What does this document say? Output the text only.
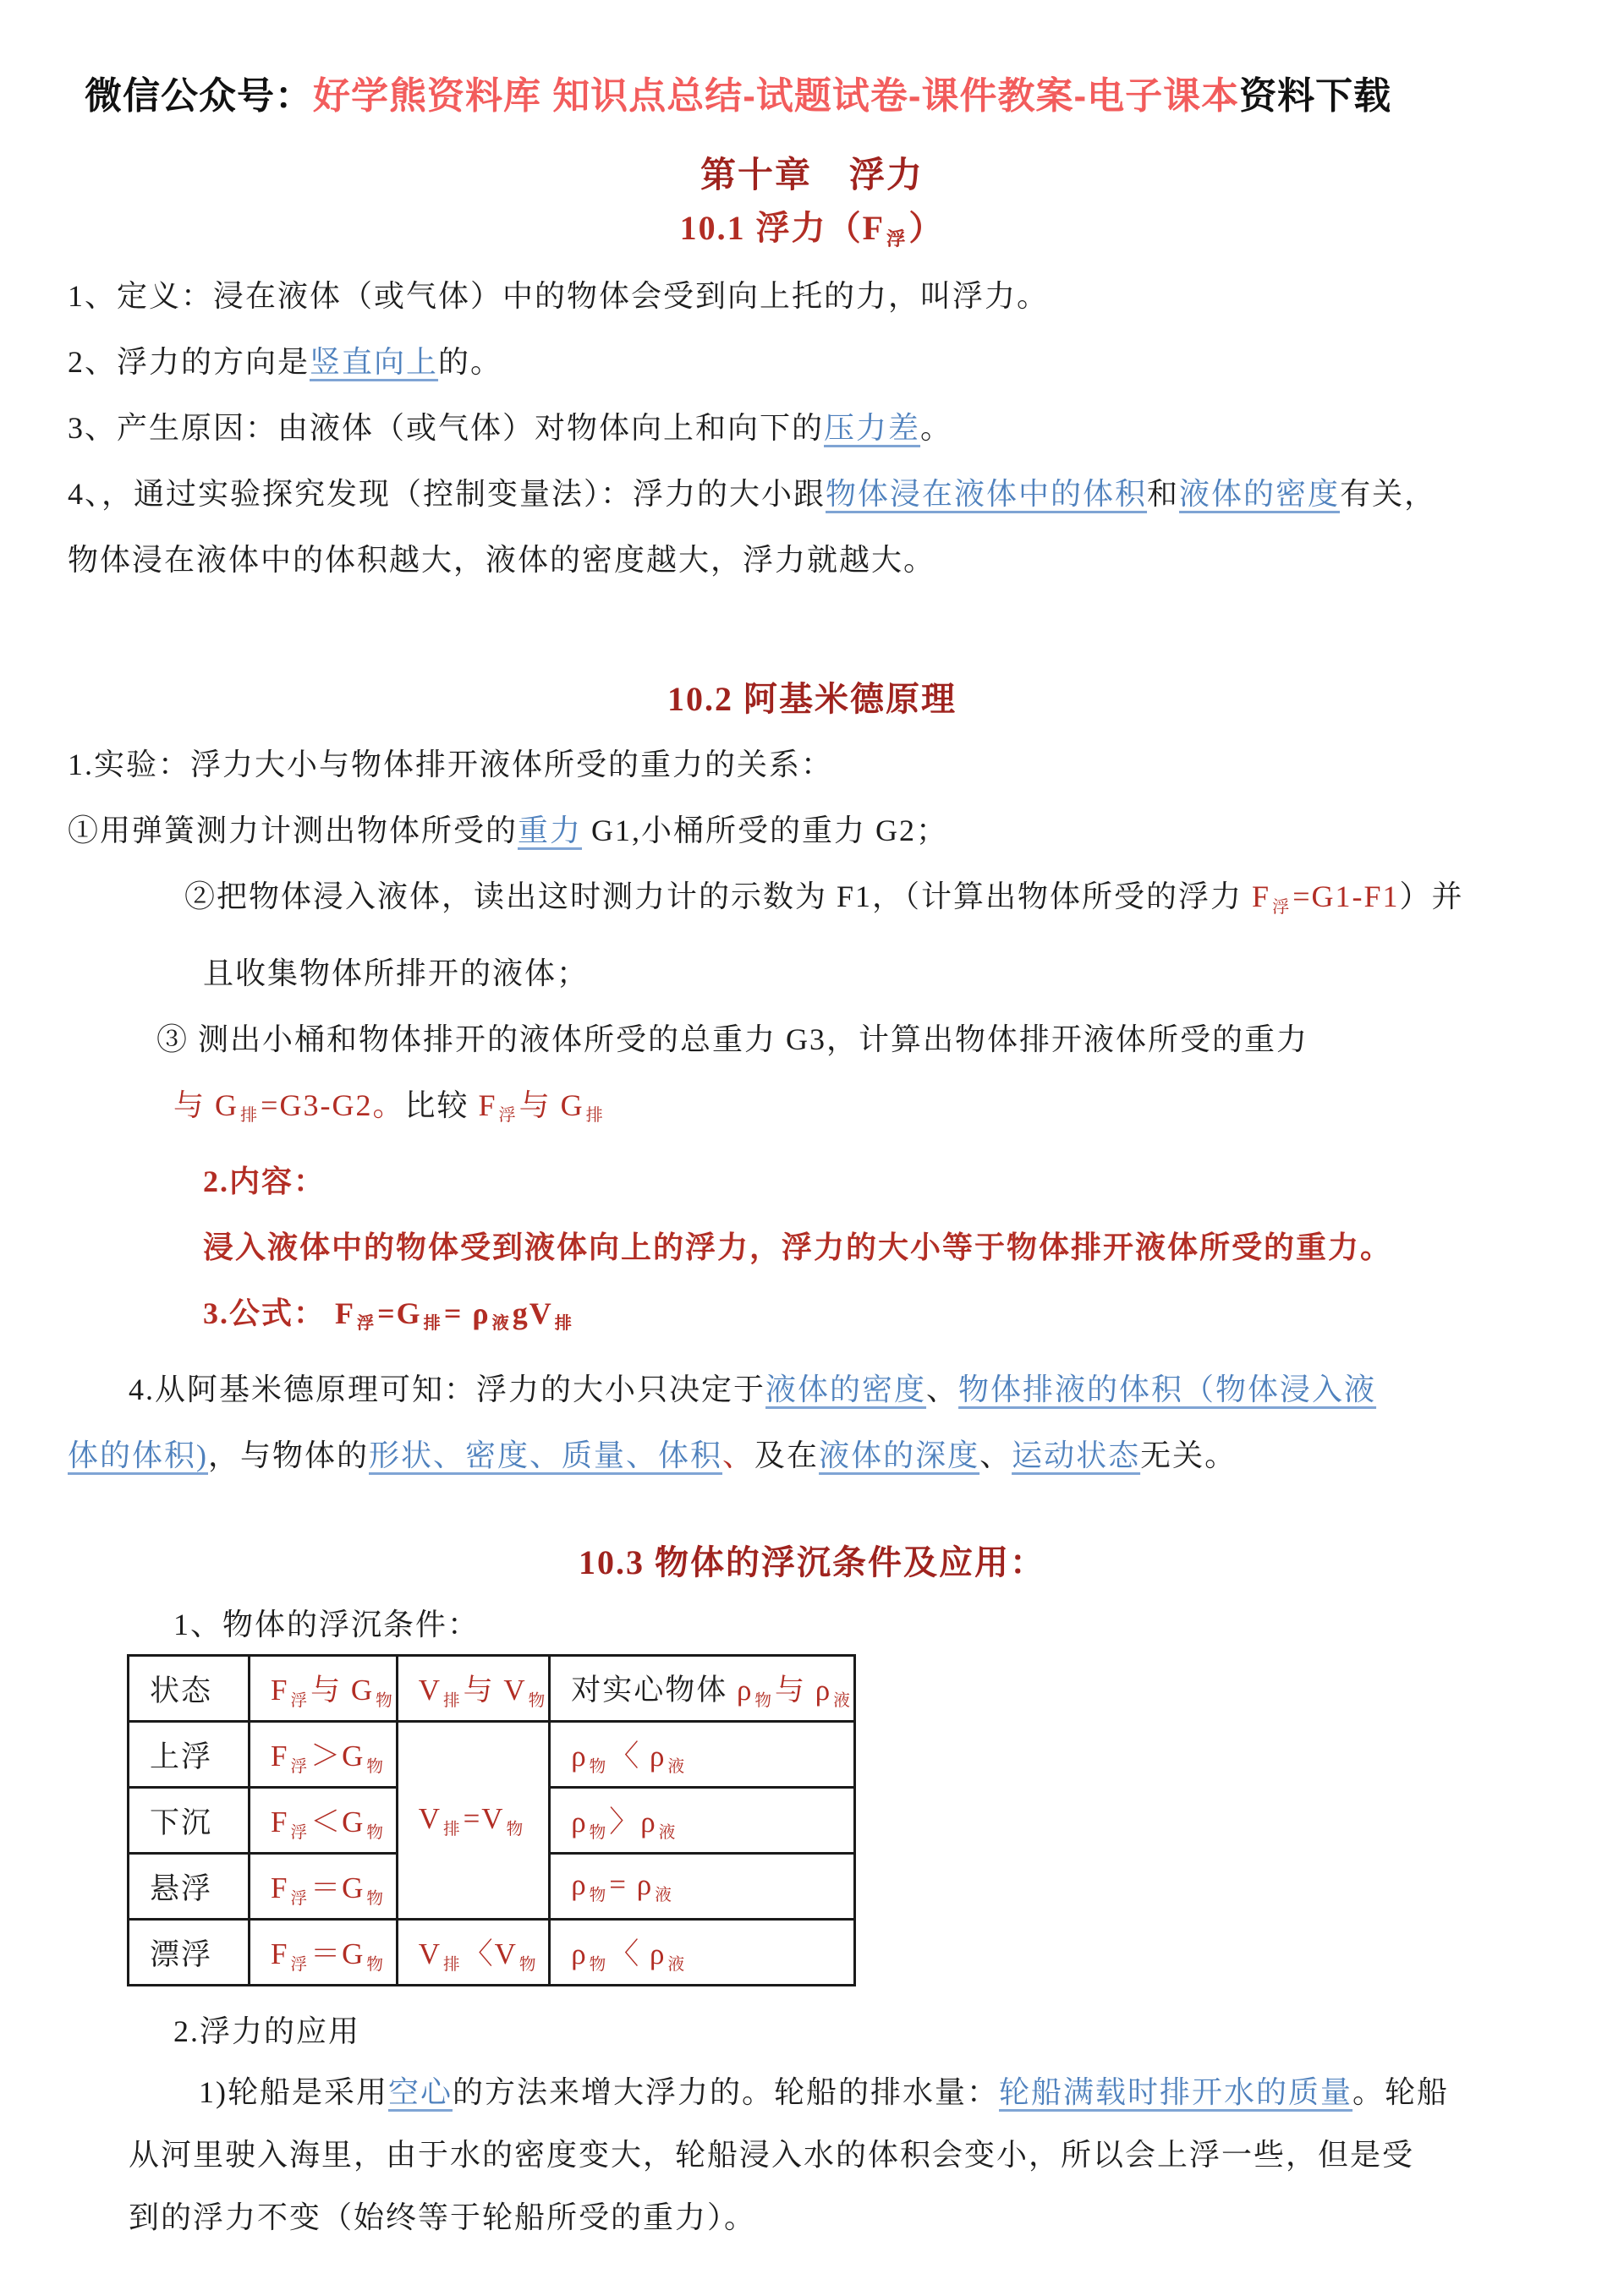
微信公众号：好学熊资料库 知识点总结-试题试卷-课件教案-电子课本资料下载
第十章　浮力
10.1 浮力（F浮）

1、定义：浸在液体（或气体）中的物体会受到向上托的力，叫浮力。

2、浮力的方向是竖直向上的。

3、产生原因：由液体（或气体）对物体向上和向下的压力差。

4、，通过实验探究发现（控制变量法）：浮力的大小跟物体浸在液体中的体积和液体的密度有关，

物体浸在液体中的体积越大，液体的密度越大，浮力就越大。

10.2 阿基米德原理

1.实验：浮力大小与物体排开液体所受的重力的关系：

①用弹簧测力计测出物体所受的重力 G1,小桶所受的重力 G2；

②把物体浸入液体，读出这时测力计的示数为 F1，（计算出物体所受的浮力 F浮=G1-F1）并

且收集物体所排开的液体；

③ 测出小桶和物体排开的液体所受的总重力 G3，计算出物体排开液体所受的重力

与 G排=G3-G2。比较 F浮与 G排

2.内容：

浸入液体中的物体受到液体向上的浮力，浮力的大小等于物体排开液体所受的重力。

3.公式： F浮=G排= ρ液gV排

4.从阿基米德原理可知：浮力的大小只决定于液体的密度、物体排液的体积（物体浸入液

体的体积)，与物体的形状、密度、质量、体积、及在液体的深度、运动状态无关。

10.3 物体的浮沉条件及应用：

1、物体的浮沉条件：

状态	F 浮与 G 物	V 排与 V 物	对实心物体 ρ 物与 ρ 液
上浮	F 浮＞G 物	V 排=V 物	ρ 物〈 ρ 液
下沉	F 浮＜G 物		ρ 物〉ρ 液
悬浮	F 浮＝G 物		ρ 物= ρ 液
漂浮	F 浮＝G 物	V 排〈V 物	ρ 物〈 ρ 液

2.浮力的应用

1)轮船是采用空心的方法来增大浮力的。轮船的排水量：轮船满载时排开水的质量。轮船

从河里驶入海里，由于水的密度变大，轮船浸入水的体积会变小，所以会上浮一些，但是受

到的浮力不变（始终等于轮船所受的重力）。
